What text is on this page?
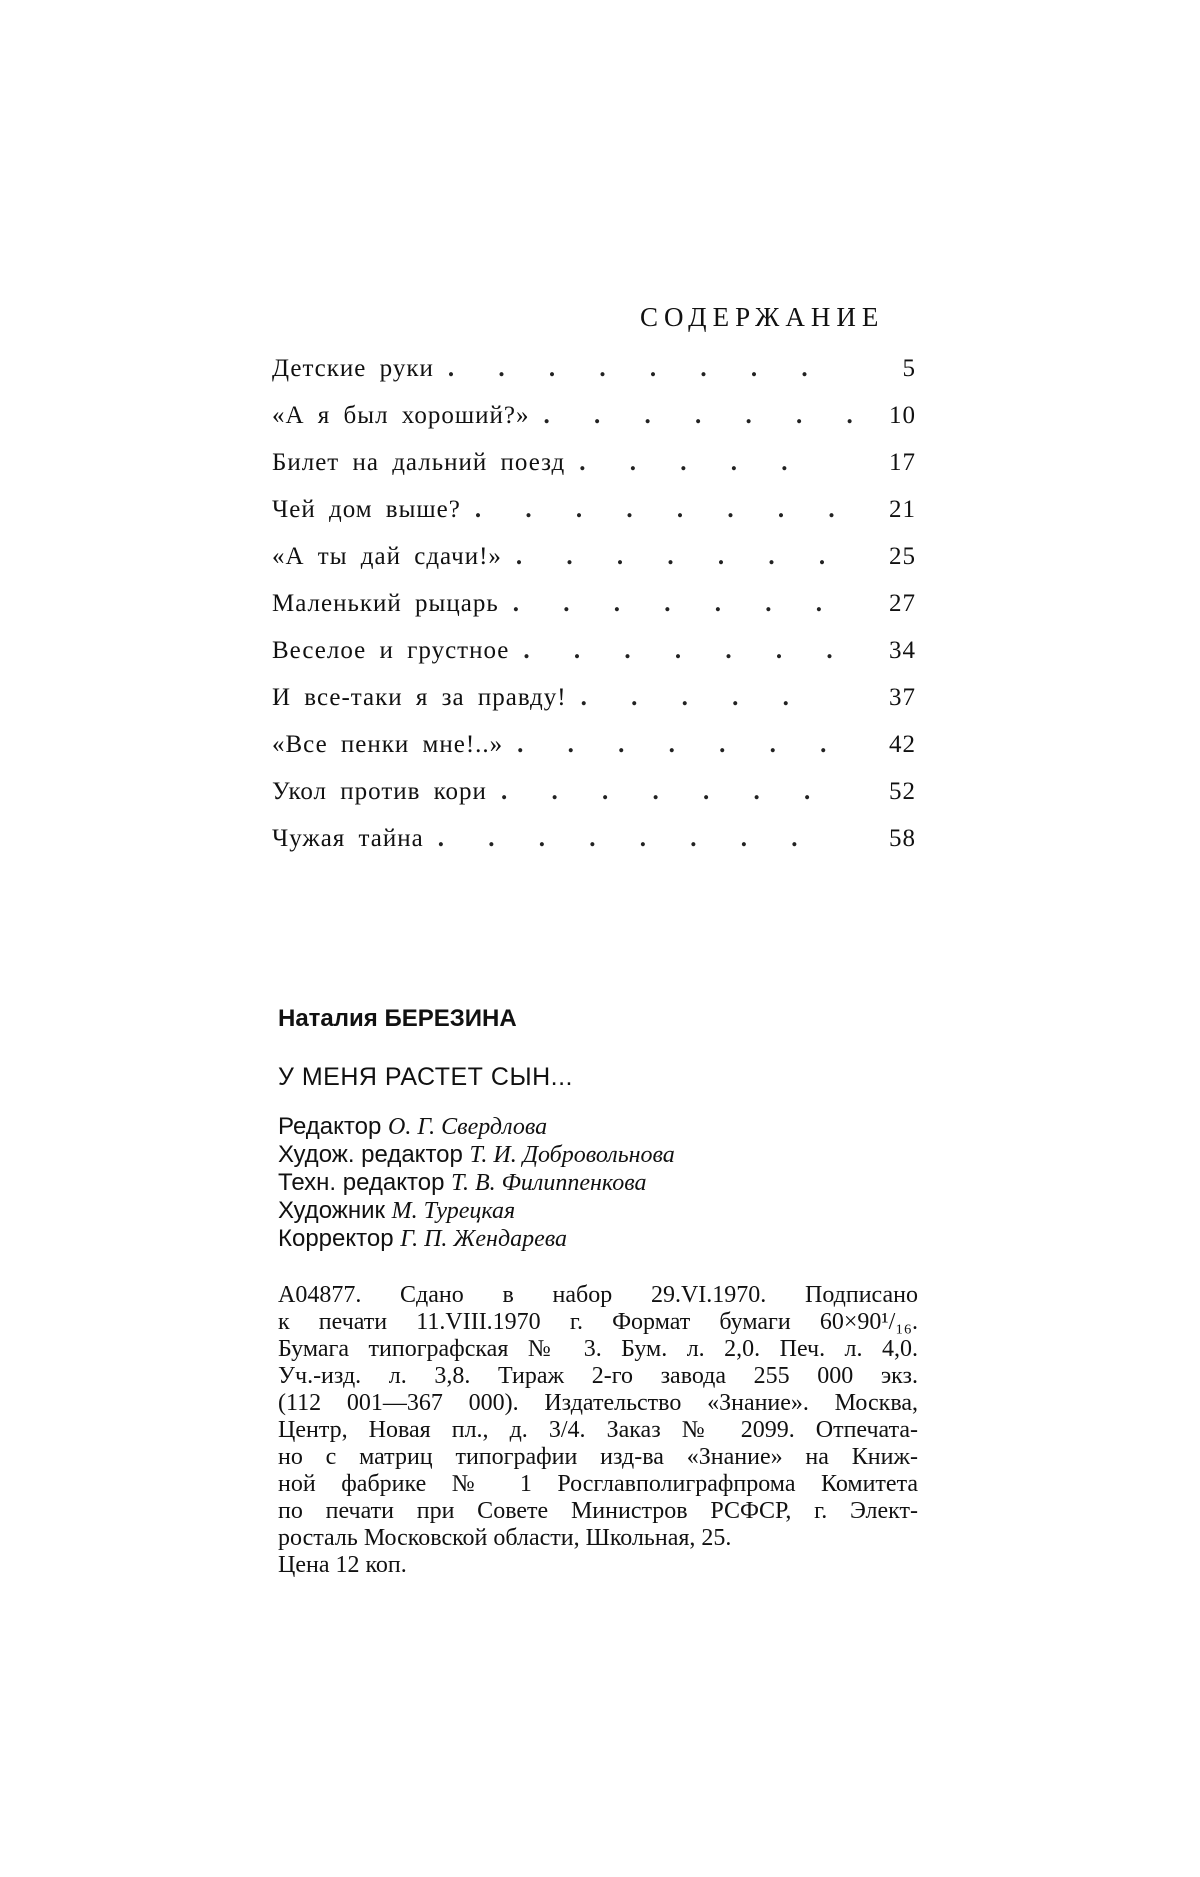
СОДЕРЖАНИЕ
Детские руки . . . . . . . .	5
«А я был хороший?» . . . . . . . 10
Билет на дальний поезд . . . . .	17
Чей дом выше? . . . . . . . .	21
«А ты дай сдачи!» . . . . . . . .
25
Маленький рыцарь . . . . . . .	27
Веселое и грустное . . . . . . .	34
И все-таки я за правду! . . . . .	37
«Все пенки мне!..» . . . . . . .	42
Укол против кори . . . . . . .	52
Чужая тайна . . . . . . . .	58
Наталия БЕРЕЗИНА
У МЕНЯ РАСТЕТ СЫН...
Редактор О. Г. Свердлова
Худож. редактор Т. И. Добровольнова
Техн. редактор Т. В. Филиппенкова
Художник М. Турецкая
Корректор Г. П. Жендарева
А04877. Сдано в набор 29.VI.1970. Подписано
к печати 11.VIII.1970 г. Формат бумаги 60×90¹/₁₆.
Бумага типографская № 3. Бум. л. 2,0. Печ. л. 4,0.
Уч.-изд. л. 3,8. Тираж 2-го завода 255 000 экз.
(112 001—367 000). Издательство «Знание». Москва,
Центр, Новая пл., д. 3/4. Заказ № 2099. Отпечата-
но с матриц типографии изд-ва «Знание» на Книж-
ной фабрике № 1 Росглавполиграфпрома Комитета
по печати при Совете Министров РСФСР, г. Элект-
росталь Московской области, Школьная, 25.
Цена 12 коп.
